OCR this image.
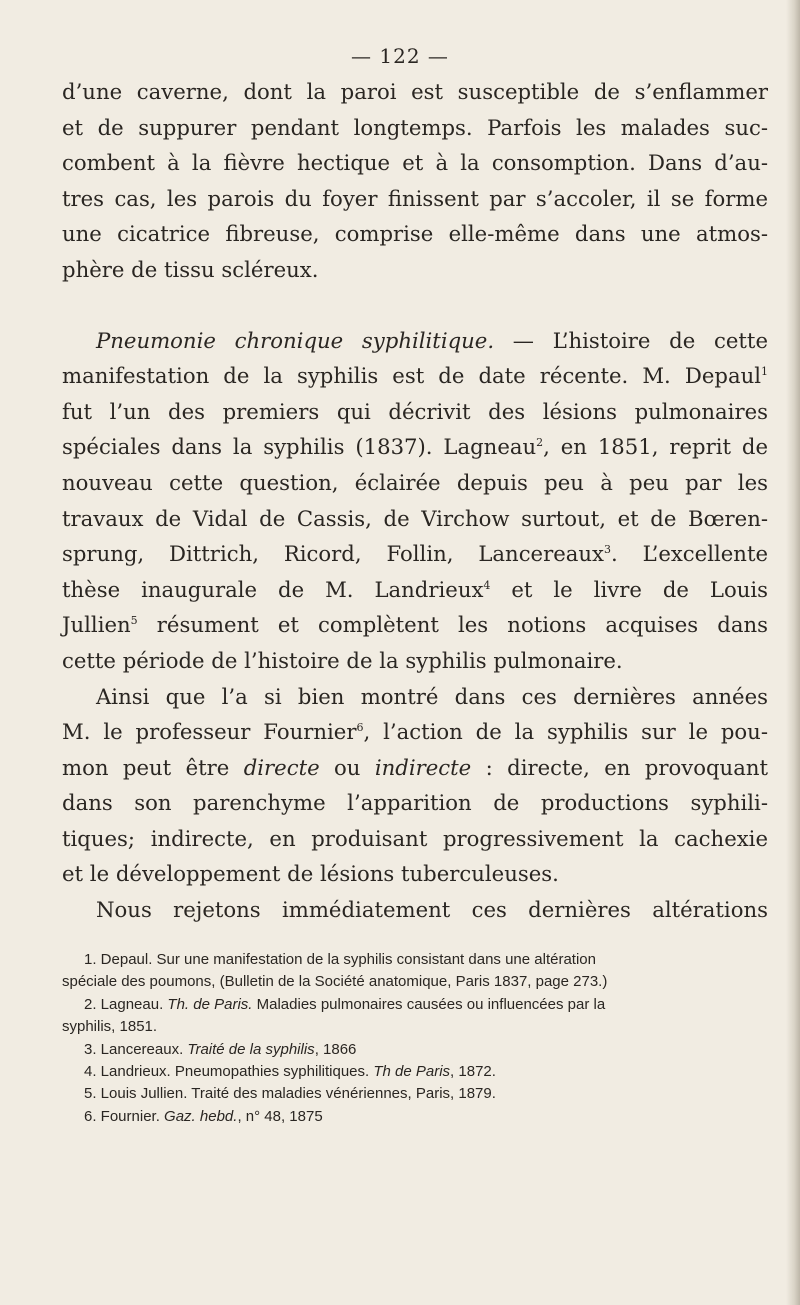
— 122 —
d’une caverne, dont la paroi est susceptible de s’enflammer
et de suppurer pendant longtemps. Parfois les malades suc-
combent à la fièvre hectique et à la consomption. Dans d’au-
tres cas, les parois du foyer finissent par s’accoler, il se forme
une cicatrice fibreuse, comprise elle-même dans une atmos-
phère de tissu scléreux.
Pneumonie chronique syphilitique. — L’histoire de cette
manifestation de la syphilis est de date récente. M. Depaul$^1$
fut l’un des premiers qui décrivit des lésions pulmonaires
spéciales dans la syphilis (1837). Lagneau$^2$, en 1851, reprit de
nouveau cette question, éclairée depuis peu à peu par les
travaux de Vidal de Cassis, de Virchow surtout, et de Bœren-
sprung, Dittrich, Ricord, Follin, Lancereaux$^3$. L’excellente
thèse inaugurale de M. Landrieux$^4$ et le livre de Louis
Jullien$^5$ résument et complètent les notions acquises dans
cette période de l’histoire de la syphilis pulmonaire.
Ainsi que l’a si bien montré dans ces dernières années
M. le professeur Fournier$^6$, l’action de la syphilis sur le pou-
mon peut être directe ou indirecte : directe, en provoquant
dans son parenchyme l’apparition de productions syphili-
tiques; indirecte, en produisant progressivement la cachexie
et le développement de lésions tuberculeuses.
Nous rejetons immédiatement ces dernières altérations
1. Depaul. Sur une manifestation de la syphilis consistant dans une altération
spéciale des poumons, (Bulletin de la Société anatomique, Paris 1837, page 273.)
2. Lagneau. Th. de Paris. Maladies pulmonaires causées ou influencées par la
syphilis, 1851.
3. Lancereaux. Traité de la syphilis, 1866
4. Landrieux. Pneumopathies syphilitiques. Th de Paris, 1872.
5. Louis Jullien. Traité des maladies vénériennes, Paris, 1879.
6. Fournier. Gaz. hebd., n° 48, 1875
